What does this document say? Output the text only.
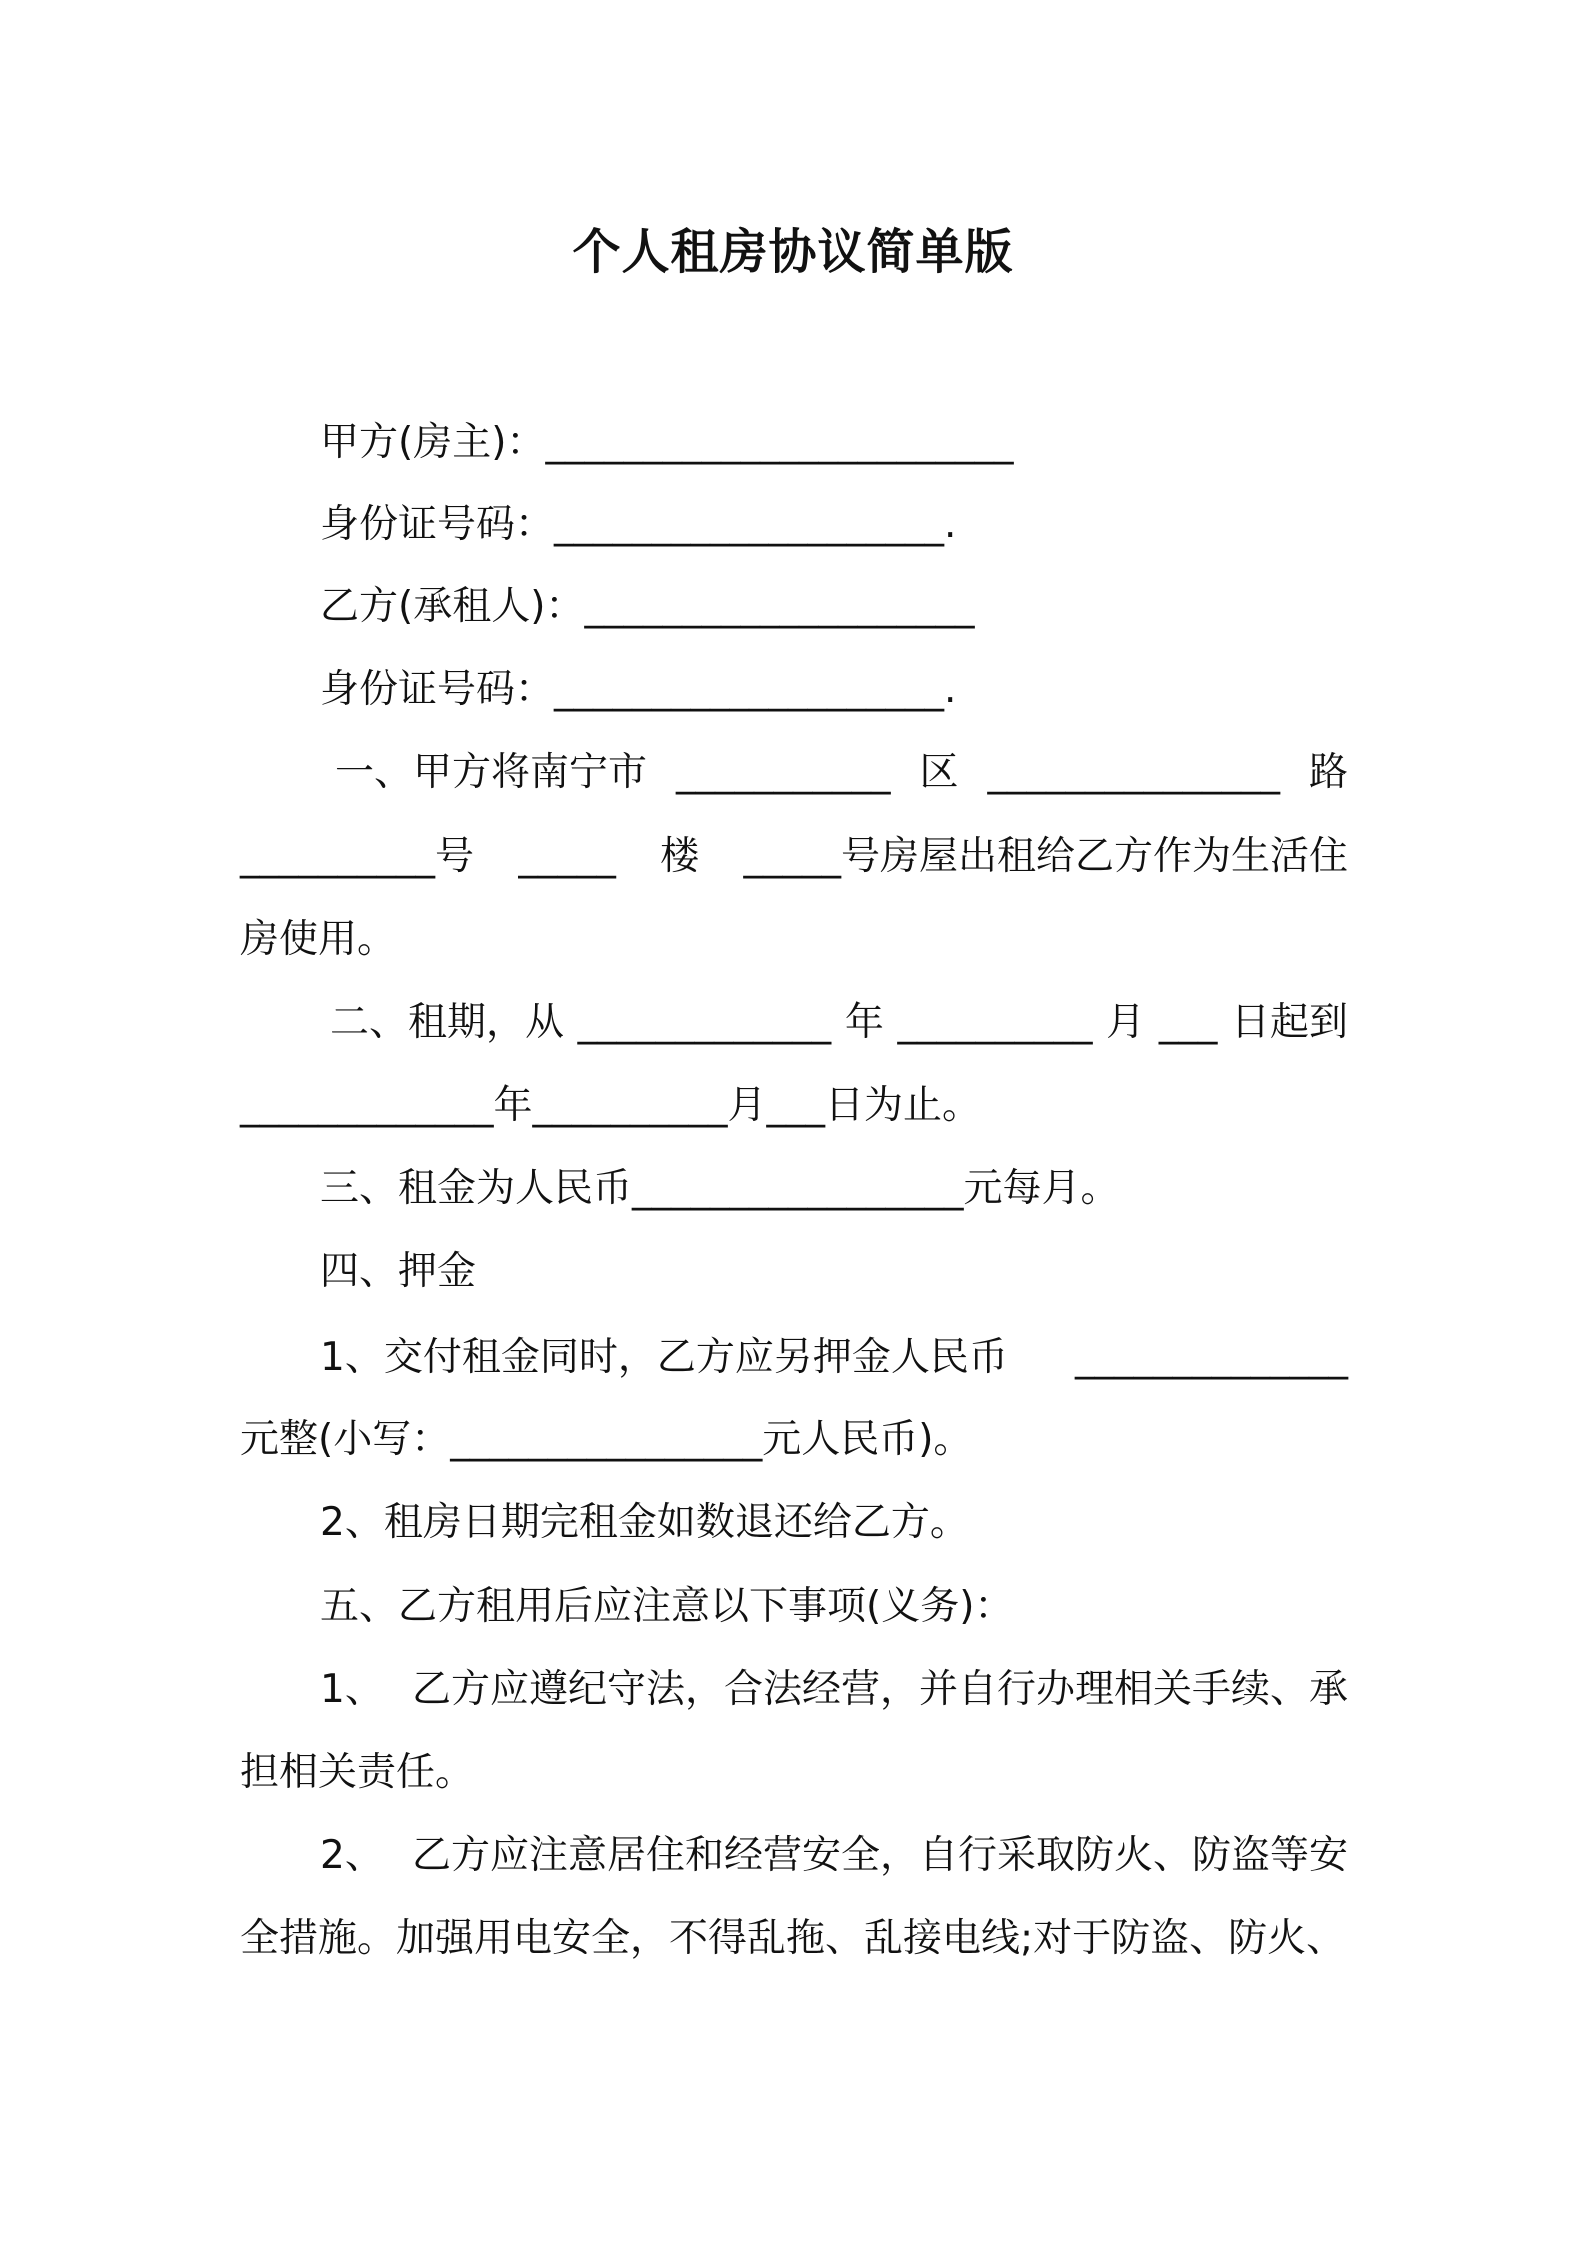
个人租房协议简单版
甲方(房主)：________________________
身份证号码：____________________.
乙方(承租人)：____________________
身份证号码：____________________.
一、甲方将南宁市 ___________ 区 _______________ 路
__________号 _____ 楼 _____号房屋出租给乙方作为生活住
房使用。
二、租期，从 _____________ 年 __________ 月 ___ 日起到
_____________年__________月___日为止。
三、租金为人民币_________________元每月。
四、押金
1、交付租金同时，乙方应另押金人民币 ______________
元整(小写：________________元人民币)。
2、租房日期完租金如数退还给乙方。
五、乙方租用后应注意以下事项(义务)：
1、 乙方应遵纪守法，合法经营，并自行办理相关手续、承
担相关责任。
2、 乙方应注意居住和经营安全，自行采取防火、防盗等安
全措施。加强用电安全，不得乱拖、乱接电线;对于防盗、防火、
